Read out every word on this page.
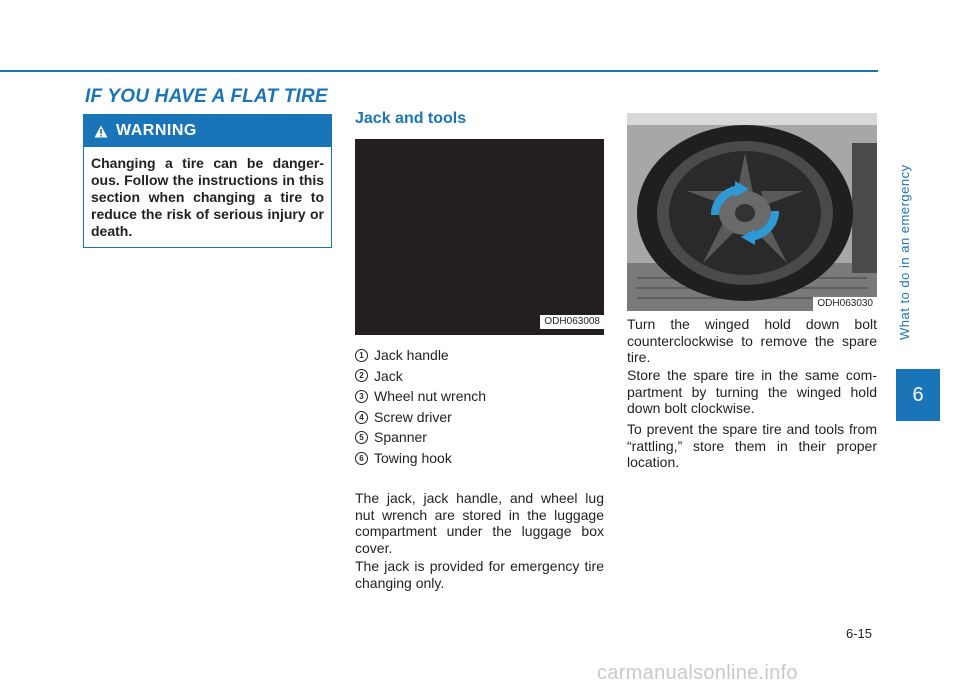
IF YOU HAVE A FLAT TIRE
WARNING
Changing a tire can be danger-ous. Follow the instructions in this section when changing a tire to reduce the risk of serious injury or death.
Jack and tools
ODH063008
1 Jack handle
2 Jack
3 Wheel nut wrench
4 Screw driver
5 Spanner
6 Towing hook

The jack, jack handle, and wheel lug nut wrench are stored in the luggage compartment under the luggage box cover.

The jack is provided for emergency tire changing only.

ODH063030

Turn the winged hold down bolt counterclockwise to remove the spare tire.

Store the spare tire in the same com-partment by turning the winged hold down bolt clockwise.

To prevent the spare tire and tools from “rattling,” store them in their proper location.

What to do in an emergency
6
6-15
carmanualsonline.info
